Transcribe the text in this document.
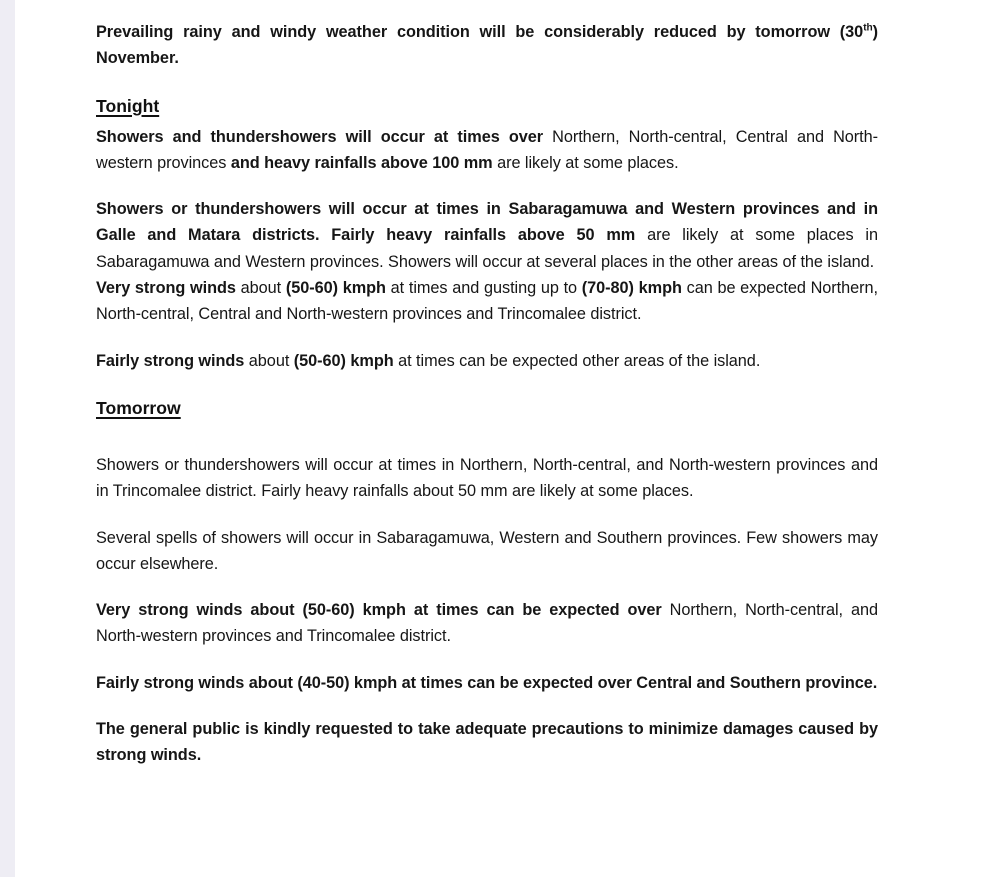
Prevailing rainy and windy weather condition will be considerably reduced by tomorrow (30th) November.

Tonight

Showers and thundershowers will occur at times over Northern, North-central, Central and North-western provinces and heavy rainfalls above 100 mm are likely at some places.

Showers or thundershowers will occur at times in Sabaragamuwa and Western provinces and in Galle and Matara districts. Fairly heavy rainfalls above 50 mm are likely at some places in Sabaragamuwa and Western provinces. Showers will occur at several places in the other areas of the island.

Very strong winds about (50-60) kmph at times and gusting up to (70-80) kmph can be expected Northern, North-central, Central and North-western provinces and Trincomalee district.

Fairly strong winds about (50-60) kmph at times can be expected other areas of the island.

Tomorrow

Showers or thundershowers will occur at times in Northern, North-central, and North-western provinces and in Trincomalee district. Fairly heavy rainfalls about 50 mm are likely at some places.

Several spells of showers will occur in Sabaragamuwa, Western and Southern provinces. Few showers may occur elsewhere.

Very strong winds about (50-60) kmph at times can be expected over Northern, North-central, and North-western provinces and Trincomalee district.

Fairly strong winds about (40-50) kmph at times can be expected over Central and Southern province.

The general public is kindly requested to take adequate precautions to minimize damages caused by strong winds.
